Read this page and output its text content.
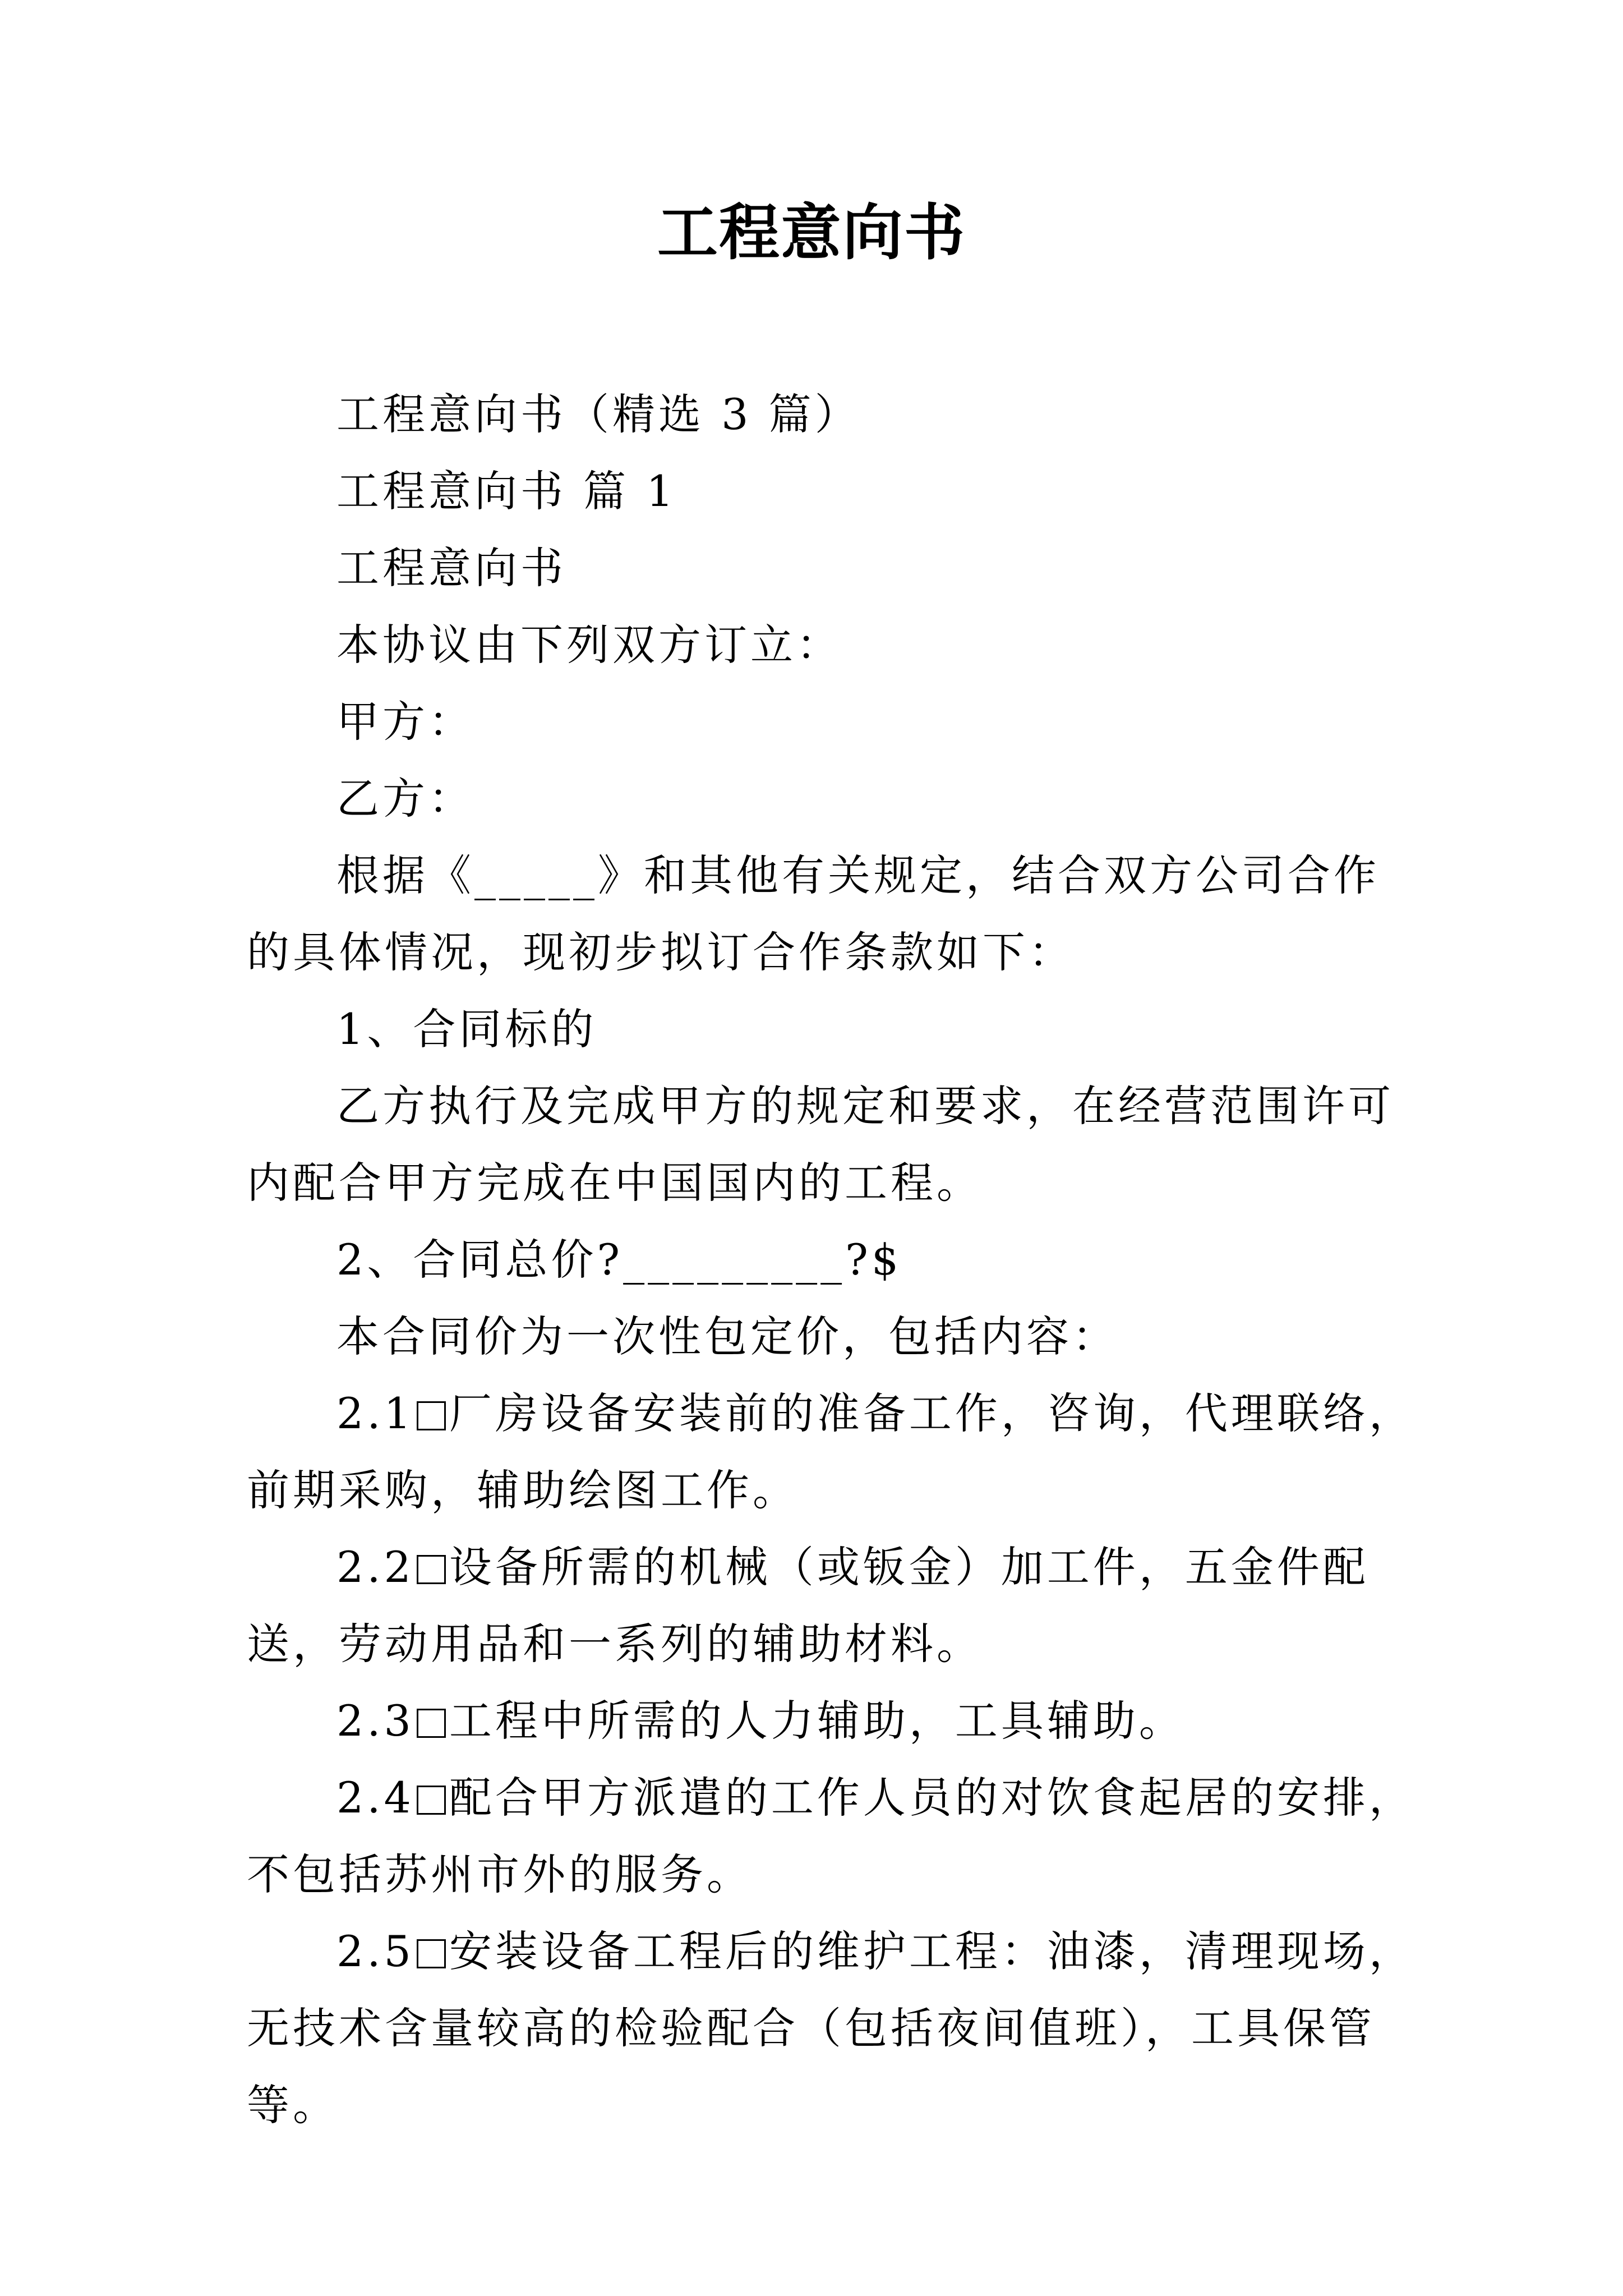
工程意向书

工程意向书（精选 3 篇）

工程意向书 篇 1

工程意向书

本协议由下列双方订立：

甲方：

乙方：

根据《_____》和其他有关规定，结合双方公司合作的具体情况，现初步拟订合作条款如下：

1、合同标的

乙方执行及完成甲方的规定和要求，在经营范围许可内配合甲方完成在中国国内的工程。

2、合同总价?_________?$

本合同价为一次性包定价，包括内容：

2.1 厂房设备安装前的准备工作，咨询，代理联络，前期采购，辅助绘图工作。

2.2 设备所需的机械（或钣金）加工件，五金件配送，劳动用品和一系列的辅助材料。

2.3 工程中所需的人力辅助，工具辅助。

2.4 配合甲方派遣的工作人员的对饮食起居的安排，不包括苏州市外的服务。

2.5 安装设备工程后的维护工程：油漆，清理现场，无技术含量较高的检验配合（包括夜间值班），工具保管等。
